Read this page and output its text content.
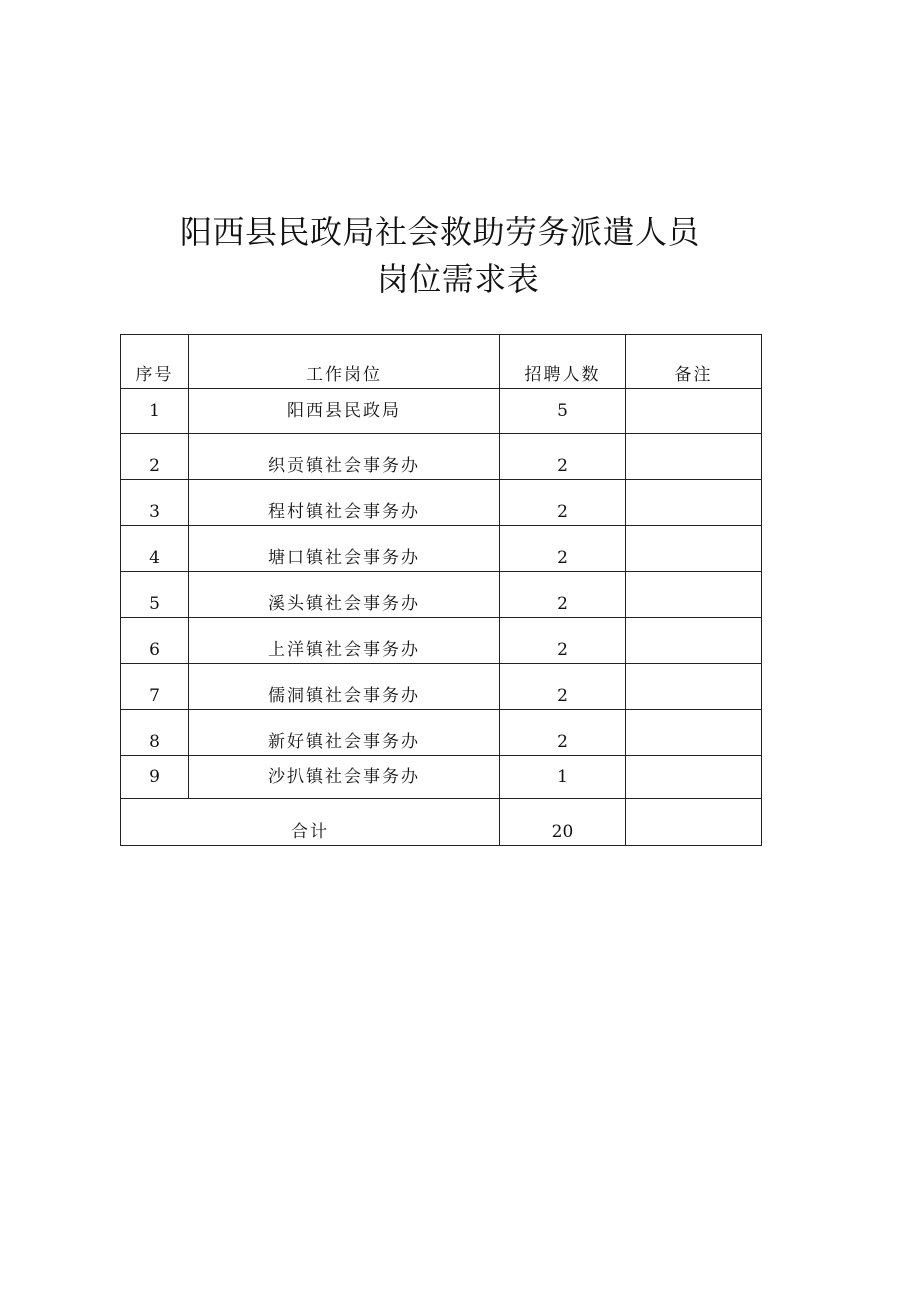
阳西县民政局社会救助劳务派遣人员
岗位需求表
序号	工作岗位	招聘人数	备注
1	阳西县民政局	5	
2	织贡镇社会事务办	2	
3	程村镇社会事务办	2	
4	塘口镇社会事务办	2	
5	溪头镇社会事务办	2	
6	上洋镇社会事务办	2	
7	儒洞镇社会事务办	2	
8	新好镇社会事务办	2	
9	沙扒镇社会事务办	1	
合计		20	
